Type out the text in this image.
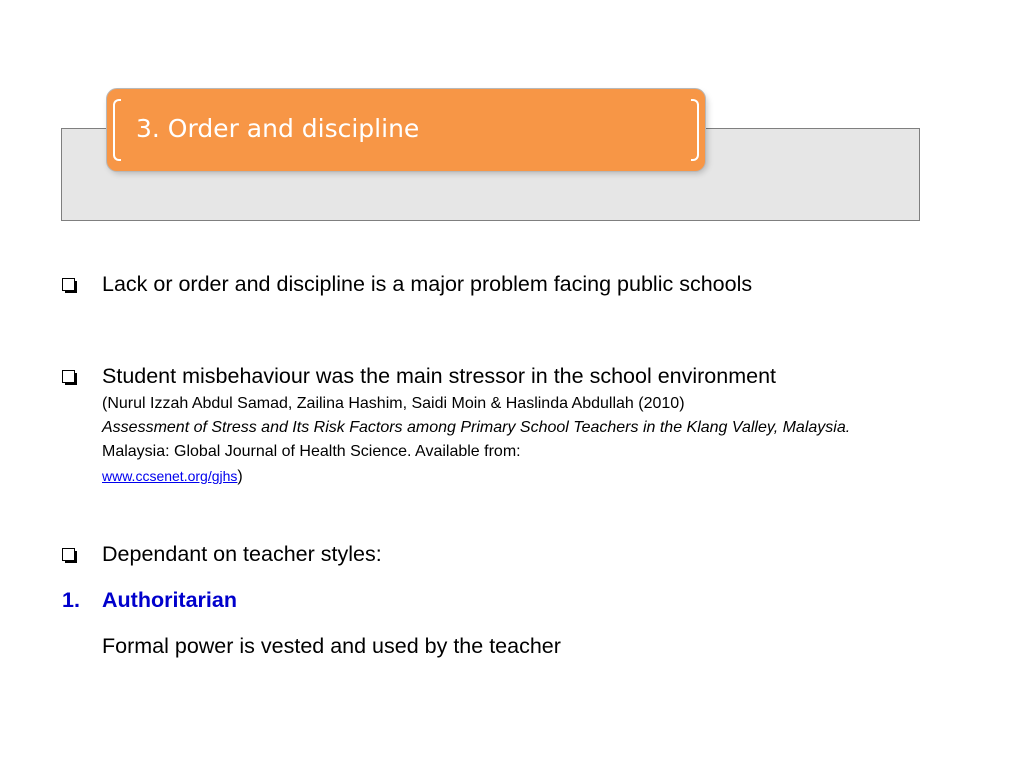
3. Order and discipline
Lack or order and discipline is a major problem facing public schools
Student misbehaviour was the main stressor in the school environment
(Nurul Izzah Abdul Samad, Zailina Hashim, Saidi Moin & Haslinda Abdullah (2010)
Assessment of Stress and Its Risk Factors among Primary School Teachers in the Klang Valley, Malaysia. Malaysia: Global Journal of Health Science. Available from:
www.ccsenet.org/gjhs)
Dependant on teacher styles:
1. Authoritarian
Formal power is vested and used by the teacher
